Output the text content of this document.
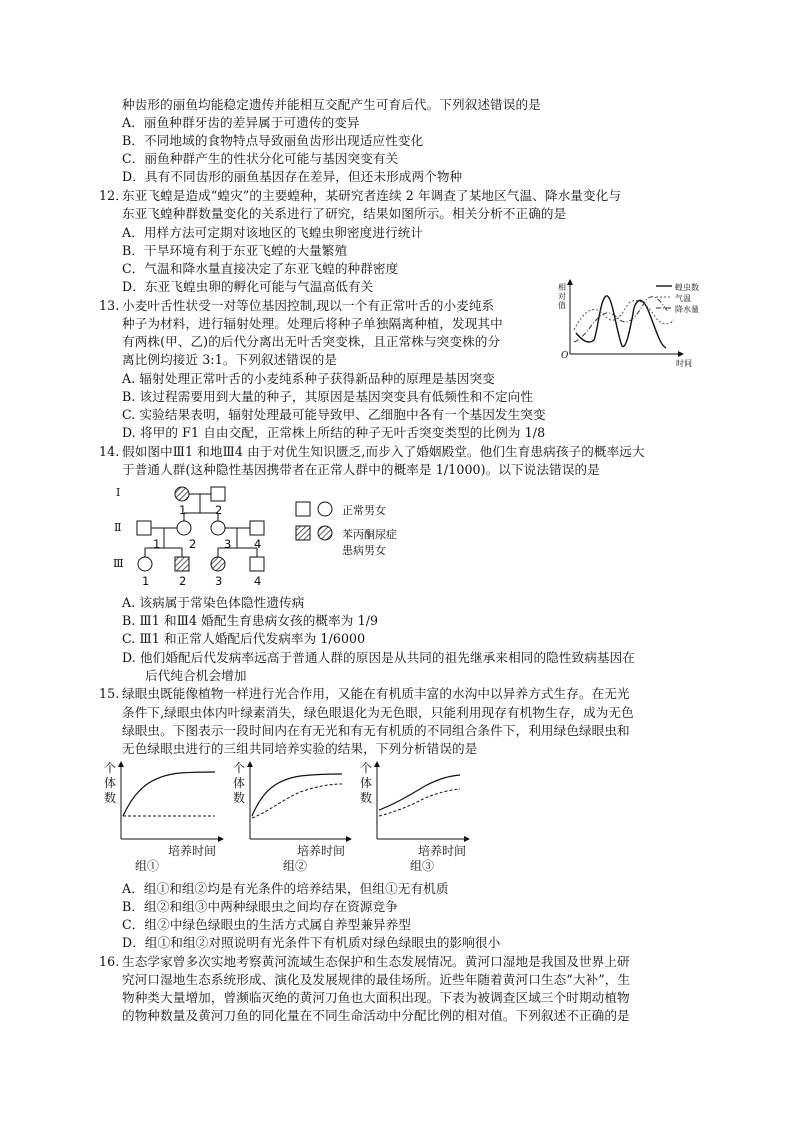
种齿形的丽鱼均能稳定遗传并能相互交配产生可育后代。下列叙述错误的是
A．丽鱼种群牙齿的差异属于可遗传的变异
B．不同地域的食物特点导致丽鱼齿形出现适应性变化
C．丽鱼种群产生的性状分化可能与基因突变有关
D．具有不同齿形的丽鱼基因存在差异，但还未形成两个物种
12．
东亚飞蝗是造成“蝗灾”的主要蝗种，某研究者连续 2 年调查了某地区气温、降水量变化与
东亚飞蝗种群数量变化的关系进行了研究，结果如图所示。相关分析不正确的是
A．用样方法可定期对该地区的飞蝗虫卵密度进行统计
B．干旱环境有利于东亚飞蝗的大量繁殖
C．气温和降水量直接决定了东亚飞蝗的种群密度
D．东亚飞蝗虫卵的孵化可能与气温高低有关	相对值
时间
O
蝗虫数
气温
降水量
13. 小麦叶舌性状受一对等位基因控制,现以一个有正常叶舌的小麦纯系
种子为材料，进行辐射处理。处理后将种子单独隔离种植，发现其中
有两株(甲、乙)的后代分离出无叶舌突变株，且正常株与突变株的分
离比例均接近 3:1。下列叙述错误的是
A. 辐射处理正常叶舌的小麦纯系种子获得新品种的原理是基因突变
B. 该过程需要用到大量的种子，其原因是基因突变具有低频性和不定向性
C. 实验结果表明，辐射处理最可能导致甲、乙细胞中各有一个基因发生突变
D. 将甲的 F1 自由交配，正常株上所结的种子无叶舌突变类型的比例为 1/8
14. 假如图中Ⅲ1 和地Ⅲ4 由于对优生知识匮乏,而步入了婚姻殿堂。他们生育患病孩子的概率远大
于普通人群(这种隐性基因携带者在正常人群中的概率是 1/1000)。以下说法错误的是
Ⅰ
Ⅱ
Ⅲ
1 2
1 2 3 4
1	2 3	4
正常男女
苯丙酮尿症
患病男女
A. 该病属于常染色体隐性遗传病
B. Ⅲ1 和Ⅲ4 婚配生育患病女孩的概率为 1/9
C. Ⅲ1 和正常人婚配后代发病率为 1/6000
D. 他们婚配后代发病率远高于普通人群的原因是从共同的祖先继承来相同的隐性致病基因在
后代纯合机会增加
15. 绿眼虫既能像植物一样进行光合作用，又能在有机质丰富的水沟中以异养方式生存。在无光
条件下,绿眼虫体内叶绿素消失，绿色眼退化为无色眼，只能利用现存有机物生存，成为无色
绿眼虫。下图表示一段时间内在有无光和有无有机质的不同组合条件下，利用绿色绿眼虫和
无色绿眼虫进行的三组共同培养实验的结果，下列分析错误的是
个
体
数
个
体
数
个
体
数
培养时间	培养时间	培养时间
组①	组②	组③
A．组①和组②均是有光条件的培养结果，但组①无有机质
B．组②和组③中两种绿眼虫之间均存在资源竞争
C．组②中绿色绿眼虫的生活方式属自养型兼异养型
D．组①和组②对照说明有光条件下有机质对绿色绿眼虫的影响很小
16. 生态学家曾多次实地考察黄河流域生态保护和生态发展情况。黄河口湿地是我国及世界上研
究河口湿地生态系统形成、演化及发展规律的最佳场所。近些年随着黄河口生态“大补”，生
物种类大量增加，曾濒临灭绝的黄河刀鱼也大面积出现。下表为被调查区域三个时期动植物
的物种数量及黄河刀鱼的同化量在不同生命活动中分配比例的相对值。下列叙述不正确的是
